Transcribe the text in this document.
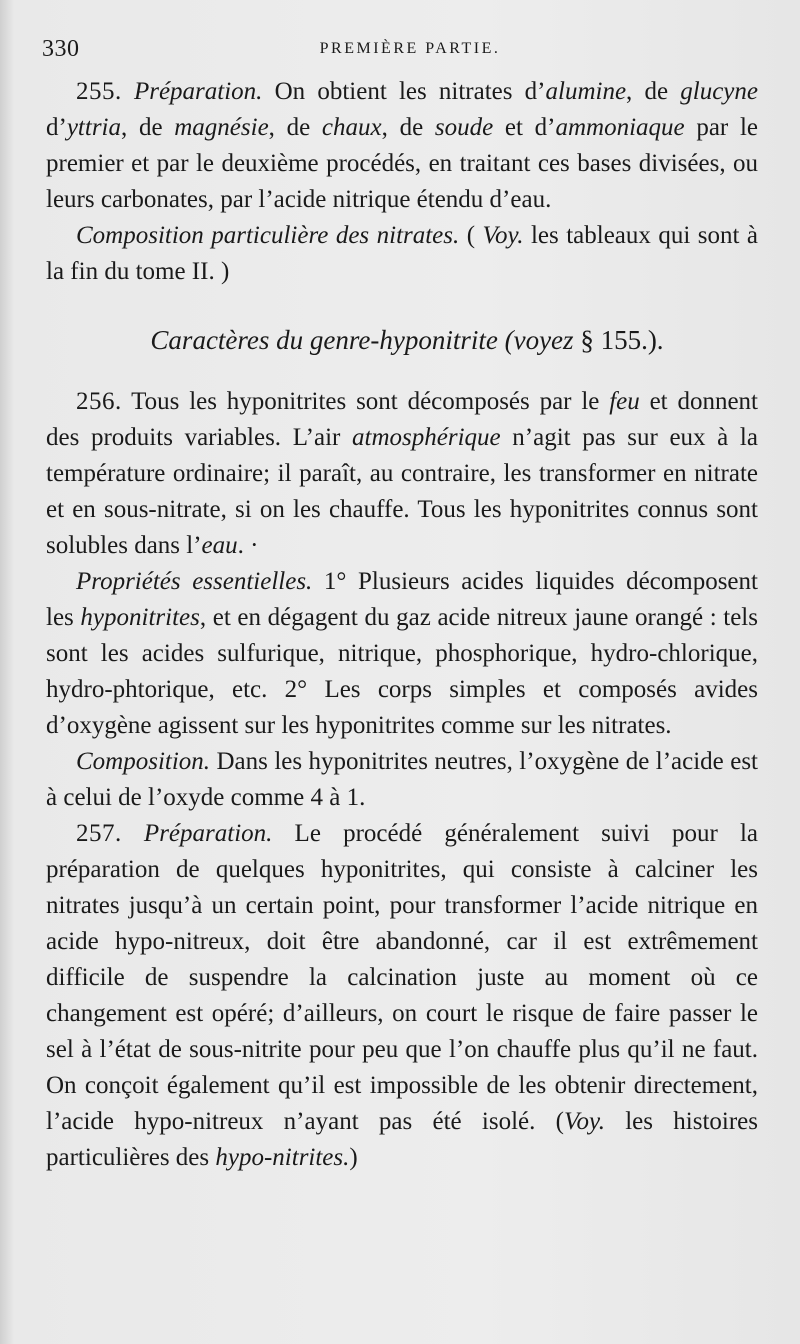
330	PREMIÈRE PARTIE.

255. Préparation. On obtient les nitrates d’alumine, de glucyne d’yttria, de magnésie, de chaux, de soude et d’ammoniaque par le premier et par le deuxième procédés, en traitant ces bases divisées, ou leurs carbonates, par l’acide nitrique étendu d’eau.

Composition particulière des nitrates. ( Voy. les tableaux qui sont à la fin du tome II. )

Caractères du genre-hyponitrite (voyez § 155.).

256. Tous les hyponitrites sont décomposés par le feu et donnent des produits variables. L’air atmosphérique n’agit pas sur eux à la température ordinaire; il paraît, au contraire, les transformer en nitrate et en sous-nitrate, si on les chauffe. Tous les hyponitrites connus sont solubles dans l’eau. ·

Propriétés essentielles. 1° Plusieurs acides liquides décomposent les hyponitrites, et en dégagent du gaz acide nitreux jaune orangé : tels sont les acides sulfurique, nitrique, phosphorique, hydro-chlorique, hydro-phtorique, etc. 2° Les corps simples et composés avides d’oxygène agissent sur les hyponitrites comme sur les nitrates.

Composition. Dans les hyponitrites neutres, l’oxygène de l’acide est à celui de l’oxyde comme 4 à 1.

257. Préparation. Le procédé généralement suivi pour la préparation de quelques hyponitrites, qui consiste à calciner les nitrates jusqu’à un certain point, pour transformer l’acide nitrique en acide hypo-nitreux, doit être abandonné, car il est extrêmement difficile de suspendre la calcination juste au moment où ce changement est opéré; d’ailleurs, on court le risque de faire passer le sel à l’état de sous-nitrite pour peu que l’on chauffe plus qu’il ne faut. On conçoit également qu’il est impossible de les obtenir directement, l’acide hypo-nitreux n’ayant pas été isolé. (Voy. les histoires particulières des hypo-nitrites.)
